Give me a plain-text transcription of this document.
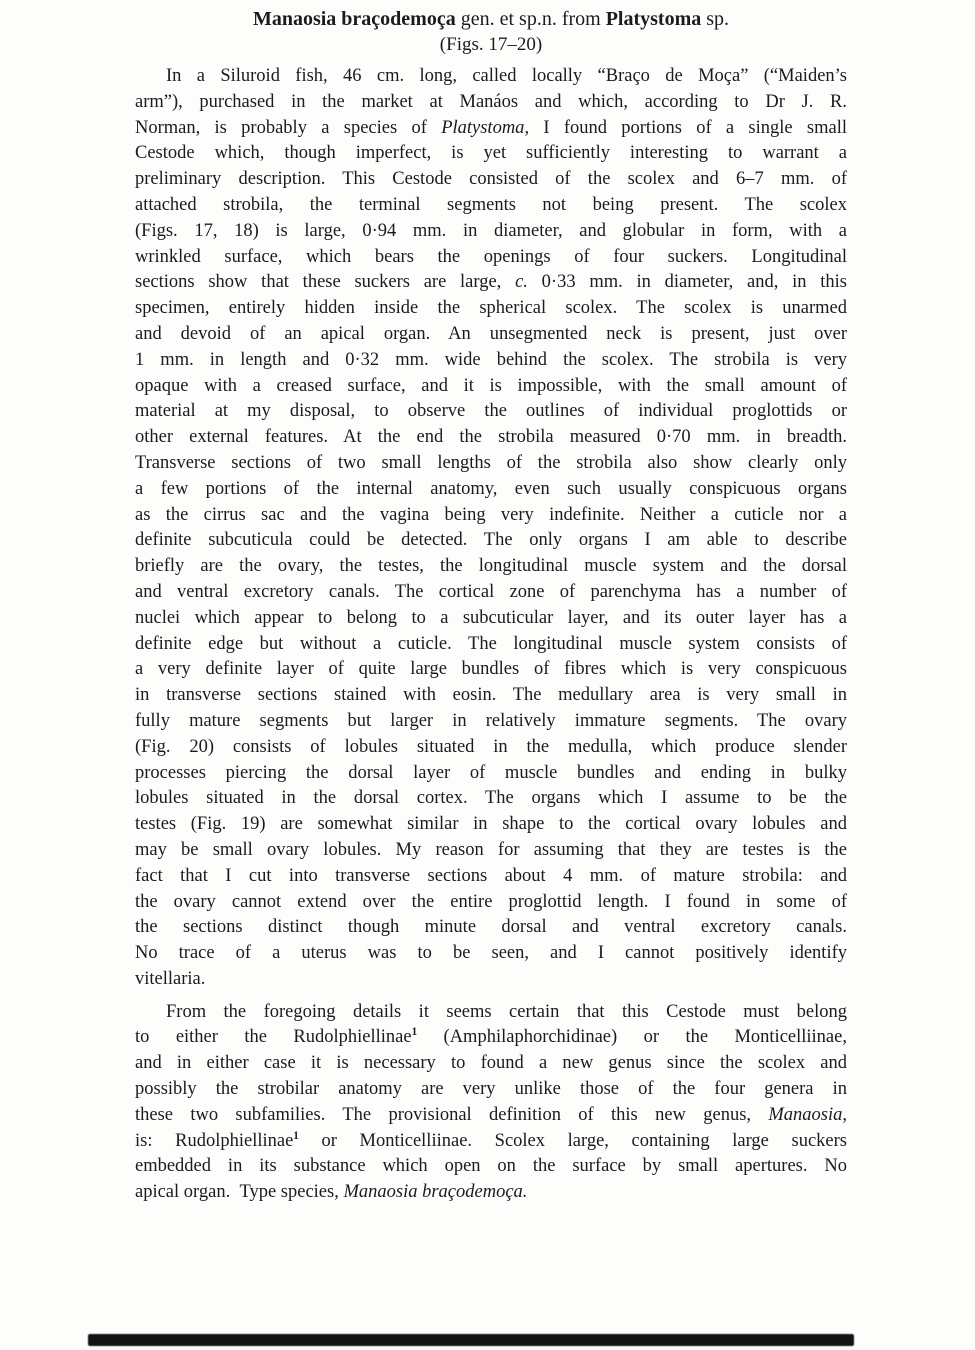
Manaosia braçodemoça gen. et sp.n. from Platystoma sp.
(Figs. 17–20)
In a Siluroid fish, 46 cm. long, called locally “Braço de Moça” (“Maiden’s
arm”), purchased in the market at Manáos and which, according to Dr J. R.
Norman, is probably a species of Platystoma, I found portions of a single small
Cestode which, though imperfect, is yet sufficiently interesting to warrant a
preliminary description. This Cestode consisted of the scolex and 6–7 mm. of
attached strobila, the terminal segments not being present. The scolex
(Figs. 17, 18) is large, 0·94 mm. in diameter, and globular in form, with a
wrinkled surface, which bears the openings of four suckers. Longitudinal
sections show that these suckers are large, c. 0·33 mm. in diameter, and, in this
specimen, entirely hidden inside the spherical scolex. The scolex is unarmed
and devoid of an apical organ. An unsegmented neck is present, just over
1 mm. in length and 0·32 mm. wide behind the scolex. The strobila is very
opaque with a creased surface, and it is impossible, with the small amount of
material at my disposal, to observe the outlines of individual proglottids or
other external features. At the end the strobila measured 0·70 mm. in breadth.
Transverse sections of two small lengths of the strobila also show clearly only
a few portions of the internal anatomy, even such usually conspicuous organs
as the cirrus sac and the vagina being very indefinite. Neither a cuticle nor a
definite subcuticula could be detected. The only organs I am able to describe
briefly are the ovary, the testes, the longitudinal muscle system and the dorsal
and ventral excretory canals. The cortical zone of parenchyma has a number of
nuclei which appear to belong to a subcuticular layer, and its outer layer has a
definite edge but without a cuticle. The longitudinal muscle system consists of
a very definite layer of quite large bundles of fibres which is very conspicuous
in transverse sections stained with eosin. The medullary area is very small in
fully mature segments but larger in relatively immature segments. The ovary
(Fig. 20) consists of lobules situated in the medulla, which produce slender
processes piercing the dorsal layer of muscle bundles and ending in bulky
lobules situated in the dorsal cortex. The organs which I assume to be the
testes (Fig. 19) are somewhat similar in shape to the cortical ovary lobules and
may be small ovary lobules. My reason for assuming that they are testes is the
fact that I cut into transverse sections about 4 mm. of mature strobila: and
the ovary cannot extend over the entire proglottid length. I found in some of
the sections distinct though minute dorsal and ventral excretory canals.
No trace of a uterus was to be seen, and I cannot positively identify
vitellaria.
From the foregoing details it seems certain that this Cestode must belong
to either the Rudolphiellinae$^1$ (Amphilaphorchidinae) or the Monticelliinae,
and in either case it is necessary to found a new genus since the scolex and
possibly the strobilar anatomy are very unlike those of the four genera in
these two subfamilies. The provisional definition of this new genus, Manaosia,
is: Rudolphiellinae$^1$ or Monticelliinae. Scolex large, containing large suckers
embedded in its substance which open on the surface by small apertures. No
apical organ. Type species, Manaosia braçodemoça.
